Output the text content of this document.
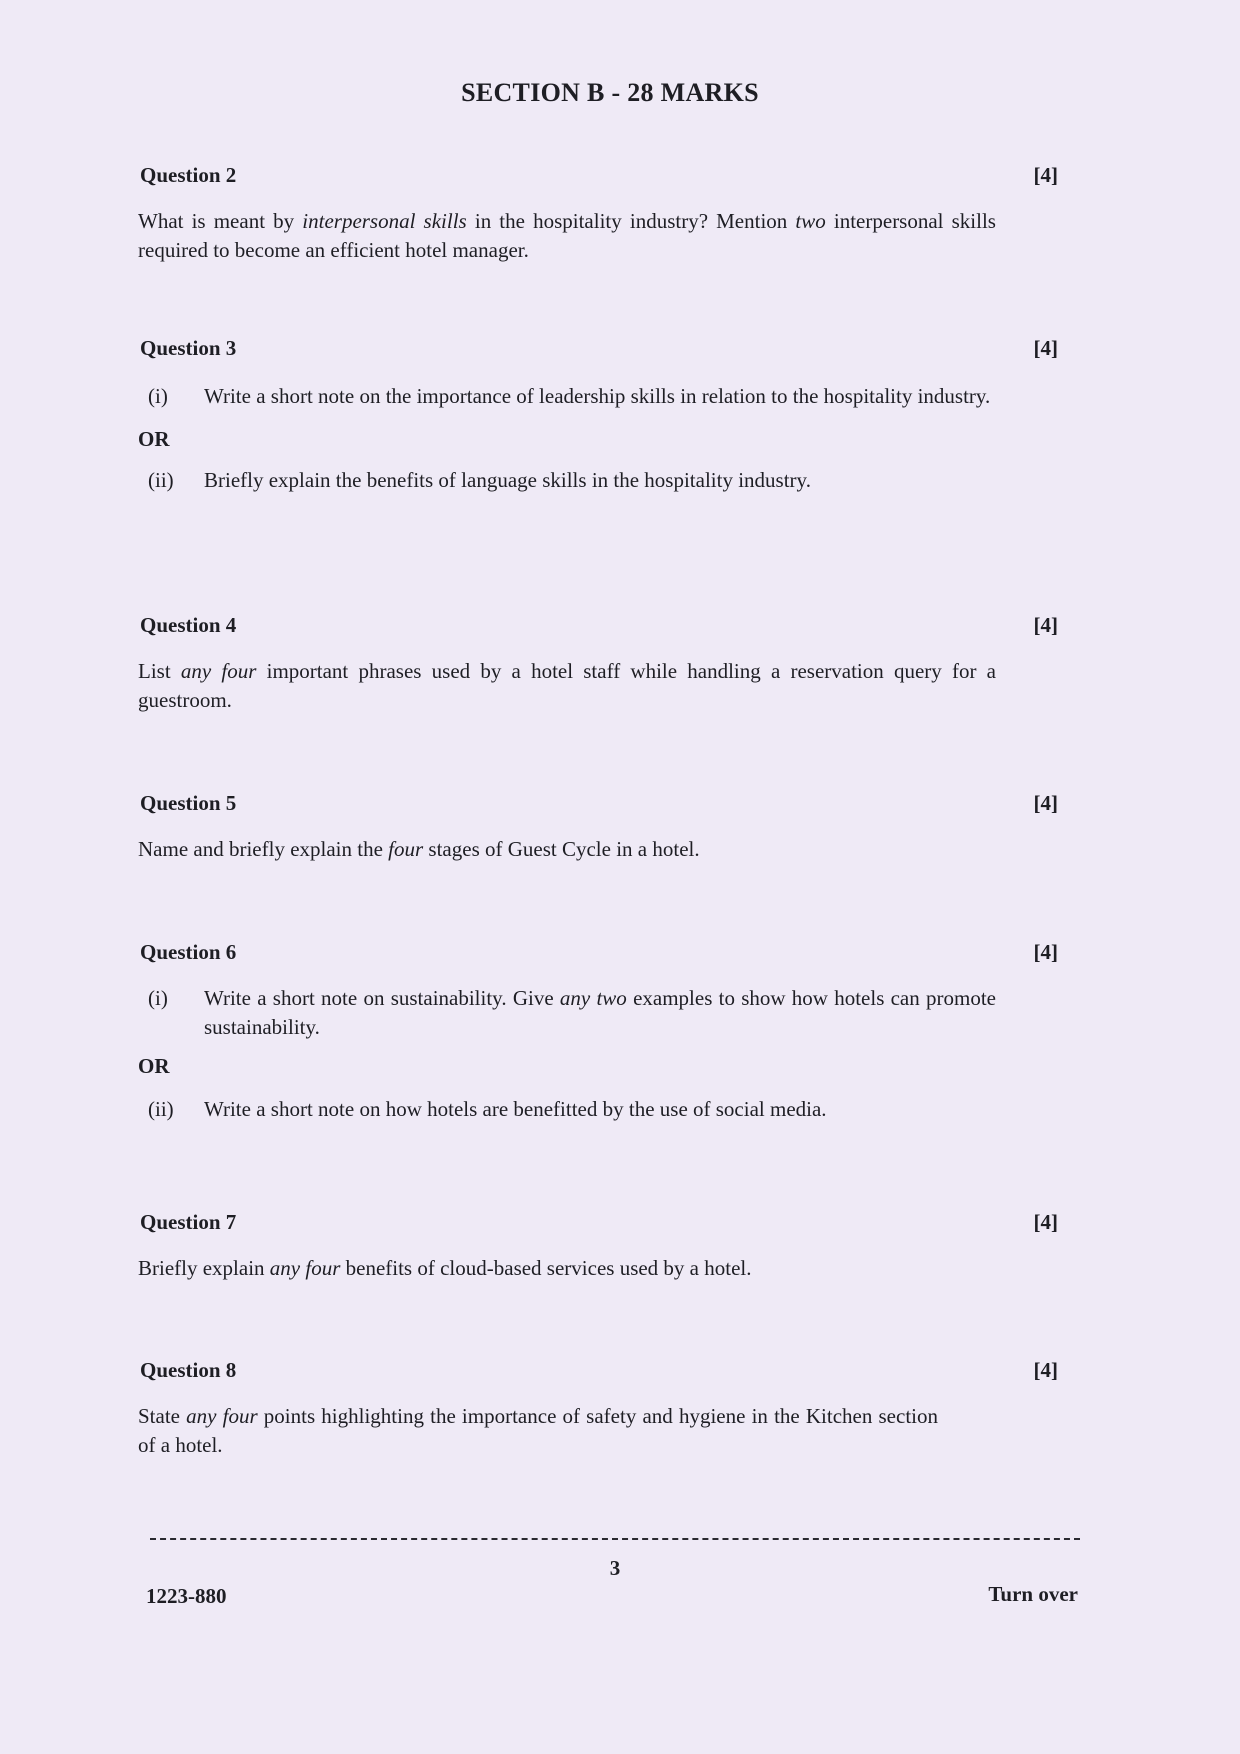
SECTION B - 28 MARKS
Question 2	[4]
What is meant by interpersonal skills in the hospitality industry? Mention two interpersonal skills required to become an efficient hotel manager.
Question 3	[4]
(i) Write a short note on the importance of leadership skills in relation to the hospitality industry.
OR
(ii) Briefly explain the benefits of language skills in the hospitality industry.
Question 4	[4]
List any four important phrases used by a hotel staff while handling a reservation query for a guestroom.
Question 5	[4]
Name and briefly explain the four stages of Guest Cycle in a hotel.
Question 6	[4]
(i) Write a short note on sustainability. Give any two examples to show how hotels can promote sustainability.
OR
(ii) Write a short note on how hotels are benefitted by the use of social media.
Question 7	[4]
Briefly explain any four benefits of cloud-based services used by a hotel.
Question 8	[4]
State any four points highlighting the importance of safety and hygiene in the Kitchen section of a hotel.
3
1223-880	Turn over
